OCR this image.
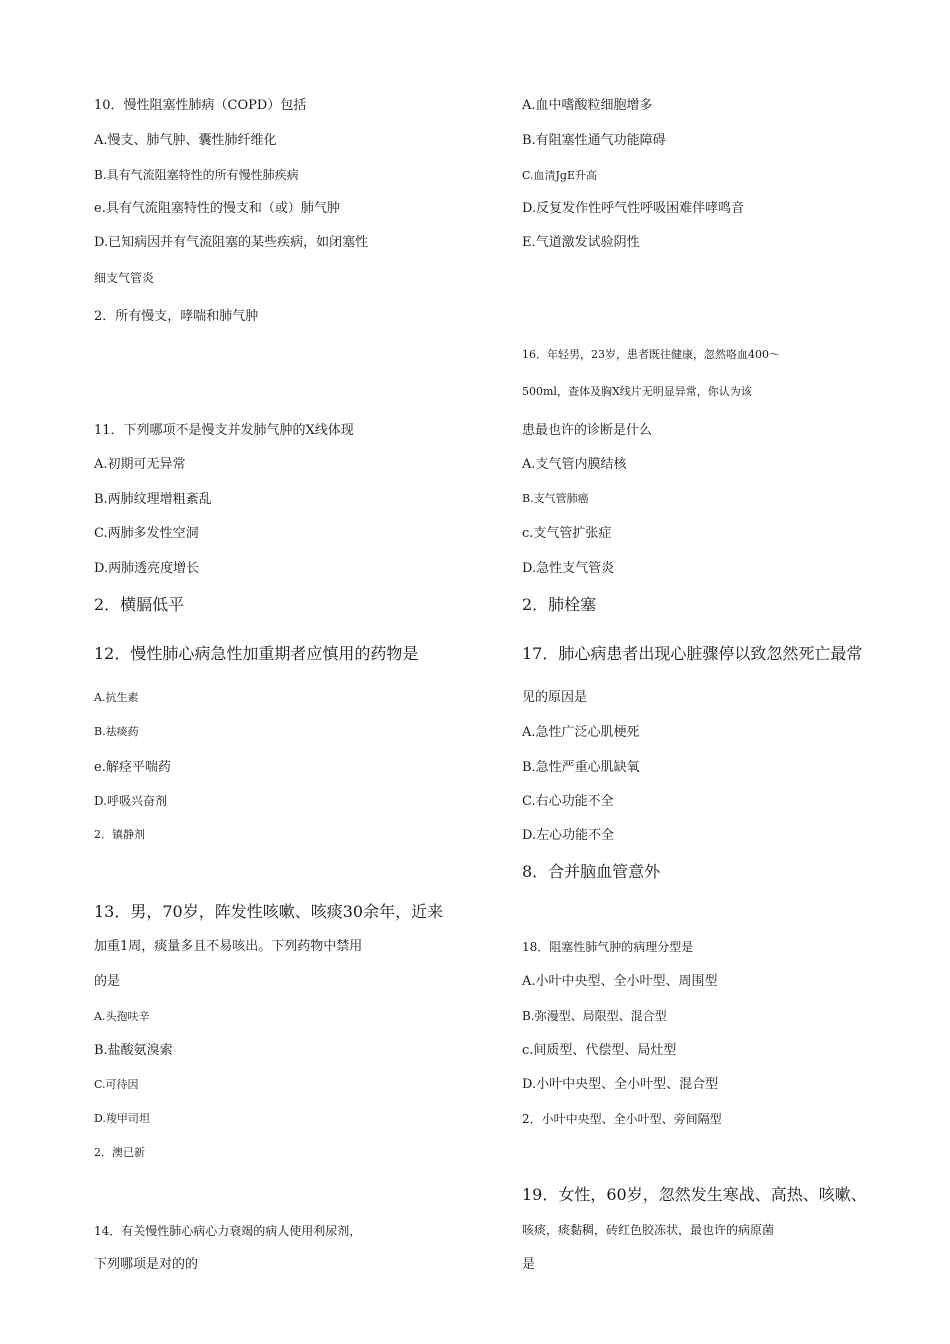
10．慢性阻塞性肺病（COPD）包括
A.慢支、肺气肿、囊性肺纤维化
B.具有气流阻塞特性的所有慢性肺疾病
e.具有气流阻塞特性的慢支和（或）肺气肿
D.已知病因并有气流阻塞的某些疾病，如闭塞性
细支气管炎
2．所有慢支，哮喘和肺气肿
11．下列哪项不是慢支并发肺气肿的X线体现
A.初期可无异常
B.两肺纹理增粗紊乱
C.两肺多发性空洞
D.两肺透亮度增长
2．横膈低平
12．慢性肺心病急性加重期者应慎用的药物是
A.抗生素
B.祛痰药
e.解痉平喘药
D.呼吸兴奋剂
2．镇静剂
13．男，70岁，阵发性咳嗽、咳痰30余年，近来
加重1周，痰量多且不易咳出。下列药物中禁用
的是
A.头孢呋辛
B.盐酸氨溴索
C.可待因
D.羧甲司坦
2．澳已新
14．有关慢性肺心病心力衰竭的病人使用利尿剂，
下列哪项是对的的
A.血中嗜酸粒细胞增多
B.有阻塞性通气功能障碍
C.血清JgE升高
D.反复发作性呼气性呼吸困难伴哮鸣音
E.气道激发试验阴性
16．年轻男，23岁，患者既往健康，忽然咯血400～
500ml，查体及胸X线片无明显异常，你认为该
患最也许的诊断是什么
A.支气管内膜结核
B.支气管肺癌
c.支气管扩张症
D.急性支气管炎
2．肺栓塞
17．肺心病患者出现心脏骤停以致忽然死亡最常
见的原因是
A.急性广泛心肌梗死
B.急性严重心肌缺氧
C.右心功能不全
D.左心功能不全
8．合并脑血管意外
18．阻塞性肺气肿的病理分型是
A.小叶中央型、全小叶型、周围型
B.弥漫型、局限型、混合型
c.间质型、代偿型、局灶型
D.小叶中央型、全小叶型、混合型
2．小叶中央型、全小叶型、旁间隔型
19．女性，60岁，忽然发生寒战、高热、咳嗽、
咳痰，痰黏稠，砖红色胶冻状，最也许的病原菌
是
